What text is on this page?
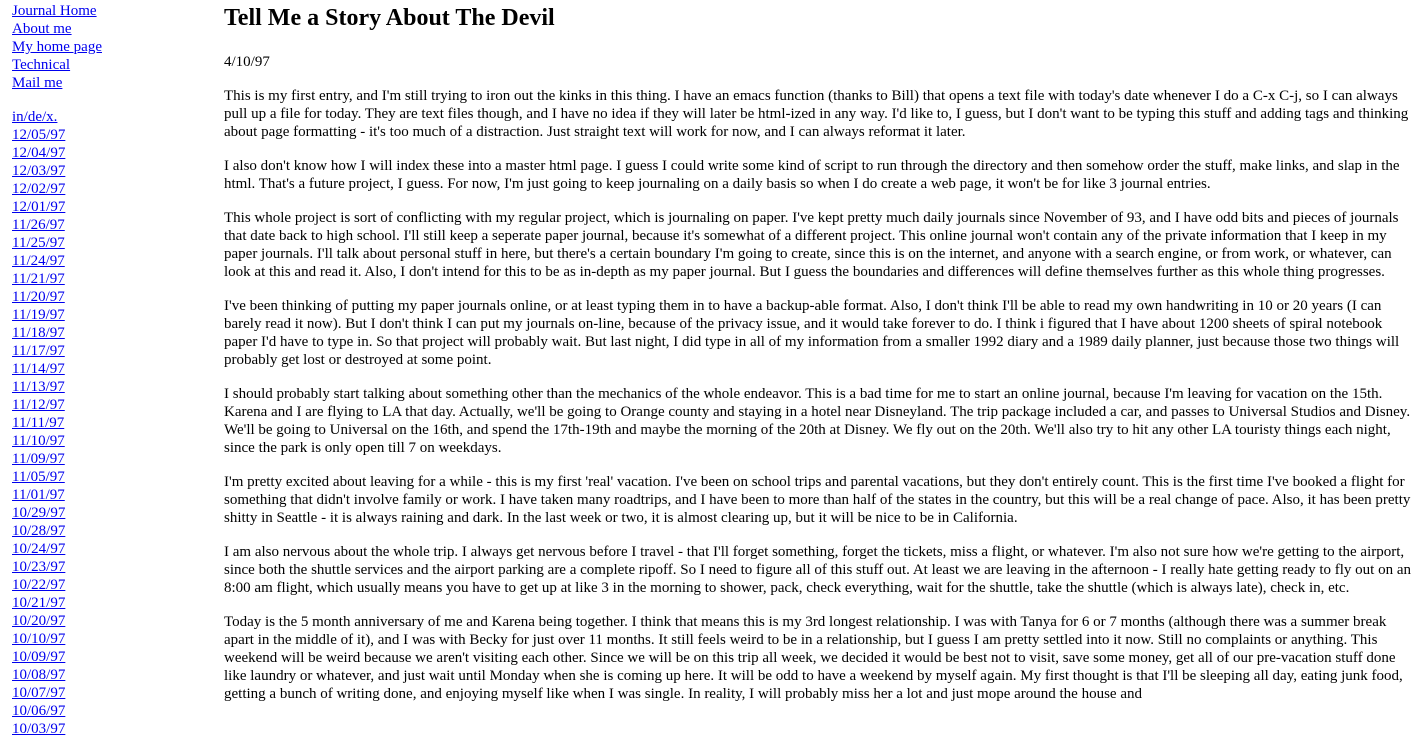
Journal Home
About me
My home page
Technical
Mail me
in/de/x.
12/05/97
12/04/97
12/03/97
12/02/97
12/01/97
11/26/97
11/25/97
11/24/97
11/21/97
11/20/97
11/19/97
11/18/97
11/17/97
11/14/97
11/13/97
11/12/97
11/11/97
11/10/97
11/09/97
11/05/97
11/01/97
10/29/97
10/28/97
10/24/97
10/23/97
10/22/97
10/21/97
10/20/97
10/10/97
10/09/97
10/08/97
10/07/97
10/06/97
10/03/97
Tell Me a Story About The Devil
4/10/97

This is my first entry, and I'm still trying to iron out the kinks in this thing. I have an emacs function (thanks to Bill) that opens a text file with today's date whenever I do a C-x C-j, so I can always pull up a file for today. They are text files though, and I have no idea if they will later be html-ized in any way. I'd like to, I guess, but I don't want to be typing this stuff and adding tags and thinking about page formatting - it's too much of a distraction. Just straight text will work for now, and I can always reformat it later.

I also don't know how I will index these into a master html page. I guess I could write some kind of script to run through the directory and then somehow order the stuff, make links, and slap in the html. That's a future project, I guess. For now, I'm just going to keep journaling on a daily basis so when I do create a web page, it won't be for like 3 journal entries.

This whole project is sort of conflicting with my regular project, which is journaling on paper. I've kept pretty much daily journals since November of 93, and I have odd bits and pieces of journals that date back to high school. I'll still keep a seperate paper journal, because it's somewhat of a different project. This online journal won't contain any of the private information that I keep in my paper journals. I'll talk about personal stuff in here, but there's a certain boundary I'm going to create, since this is on the internet, and anyone with a search engine, or from work, or whatever, can look at this and read it. Also, I don't intend for this to be as in-depth as my paper journal. But I guess the boundaries and differences will define themselves further as this whole thing progresses.

I've been thinking of putting my paper journals online, or at least typing them in to have a backup-able format. Also, I don't think I'll be able to read my own handwriting in 10 or 20 years (I can barely read it now). But I don't think I can put my journals on-line, because of the privacy issue, and it would take forever to do. I think i figured that I have about 1200 sheets of spiral notebook paper I'd have to type in. So that project will probably wait. But last night, I did type in all of my information from a smaller 1992 diary and a 1989 daily planner, just because those two things will probably get lost or destroyed at some point.

I should probably start talking about something other than the mechanics of the whole endeavor. This is a bad time for me to start an online journal, because I'm leaving for vacation on the 15th. Karena and I are flying to LA that day. Actually, we'll be going to Orange county and staying in a hotel near Disneyland. The trip package included a car, and passes to Universal Studios and Disney. We'll be going to Universal on the 16th, and spend the 17th-19th and maybe the morning of the 20th at Disney. We fly out on the 20th. We'll also try to hit any other LA touristy things each night, since the park is only open till 7 on weekdays.

I'm pretty excited about leaving for a while - this is my first 'real' vacation. I've been on school trips and parental vacations, but they don't entirely count. This is the first time I've booked a flight for something that didn't involve family or work. I have taken many roadtrips, and I have been to more than half of the states in the country, but this will be a real change of pace. Also, it has been pretty shitty in Seattle - it is always raining and dark. In the last week or two, it is almost clearing up, but it will be nice to be in California.

I am also nervous about the whole trip. I always get nervous before I travel - that I'll forget something, forget the tickets, miss a flight, or whatever. I'm also not sure how we're getting to the airport, since both the shuttle services and the airport parking are a complete ripoff. So I need to figure all of this stuff out. At least we are leaving in the afternoon - I really hate getting ready to fly out on an 8:00 am flight, which usually means you have to get up at like 3 in the morning to shower, pack, check everything, wait for the shuttle, take the shuttle (which is always late), check in, etc.

Today is the 5 month anniversary of me and Karena being together. I think that means this is my 3rd longest relationship. I was with Tanya for 6 or 7 months (although there was a summer break apart in the middle of it), and I was with Becky for just over 11 months. It still feels weird to be in a relationship, but I guess I am pretty settled into it now. Still no complaints or anything. This weekend will be weird because we aren't visiting each other. Since we will be on this trip all week, we decided it would be best not to visit, save some money, get all of our pre-vacation stuff done like laundry or whatever, and just wait until Monday when she is coming up here. It will be odd to have a weekend by myself again. My first thought is that I'll be sleeping all day, eating junk food, getting a bunch of writing done, and enjoying myself like when I was single. In reality, I will probably miss her a lot and just mope around the house and
